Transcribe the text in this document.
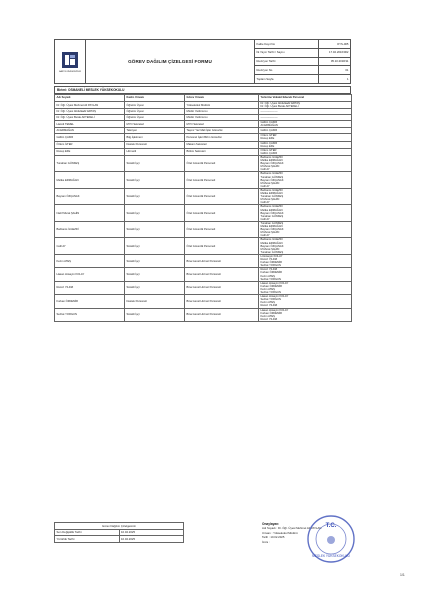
BARTIN ÜNİVERSİTESİ
GÖREV DAĞILIM ÇİZELGESİ FORMU
Kalite Kayıt No	OYS-005
İlk Yayın Tarihi / Sayısı	17.02.2016/002
Revizyon Tarihi	05.10.2018/11
Revizyon No	01
Toplam Sayfa	1
Birimi: OSMANELİ MESLEK YÜKSEKOKULU
Adı Soyadı	Kadro Unvanı	Görev Unvanı	Yerlerine Vekalet Edecek Personel
Dr. Öğr. Üyesi Mehmet Ali PAYLAN	Öğretim Üyesi	Yüksekokul Müdürü	Dr. Öğr. Üyesi Abdulkadir ERTAŞ
Dr. Öğr. Üyesi Burak AKTEKELİ

Dr. Öğr. Üyesi Abdulkadir ERTAŞ	Öğretim Üyesi	Müdür Yardımcısı	-------------------

Dr. Öğr. Üyesi Burak AKTEKELİ	Öğretim Üyesi	Müdür Yardımcısı	-------------------

Hamdi TEMEL	MYO Sekreteri	MYO Sekreteri	Gülbin ÇAKIR
Ali ERMAĞAN

Ali ERMAĞAN	Tekniyen	Taşınır Yaz Mali İşler Görevlisi	Gülbin ÇAKIR

Gülbin ÇAKIR	Bilg.İşletmeni	Personel İşleri Birim Görevlisi	Özlem İLTER
Recep EFE

Özlem İLTER	Destek Personeli	Makam Sekreteri	Gülbin ÇAKIR
Recep EFE

Recep EFE	Hizmetli	Bölüm Sekreteri	Özlem İLTER
Gülbin ÇAKIR

Tunahan GÜNKEŞ	Sürekli İşçi	Özel Güvenlik Personeli	Barbaros İLGEZDİ
Melike ERMAĞAN
Bayram ÖZÇANAK
M.Murat ŞAHİN
Celil AY

Melike ERMAĞAN	Sürekli İşçi	Özel Güvenlik Personeli	Barbaros İLGEZDİ
Tunahan GÜNKEŞ
Bayram ÖZÇANAK
M.Murat ŞAHİN
Celil AY

Bayram ÖZÇANAK	Sürekli İşçi	Özel Güvenlik Personeli	Barbaros İLGEZDİ
Melike ERMAĞAN
Tunahan GÜNKEŞ
M.Murat ŞAHİN
Celil AY

Nazif Murat ŞAHİN	Sürekli İşçi	Özel Güvenlik Personeli	Barbaros İLGEZDİ
Melike ERMAĞAN
Bayram ÖZÇANAK
Tunahan GÜNKEŞ
Celil AY

Barbaros İLGEZDİ	Sürekli İşçi	Özel Güvenlik Personeli	Tunahan GÜNKEŞ
Melike ERMAĞAN
Bayram ÖZÇANAK
M.Murat ŞAHİN
Celil AY

Celil AY	Sürekli İşçi	Özel Güvenlik Personeli	Barbaros İLGEZDİ
Melike ERMAĞAN
Bayram ÖZÇANAK
M.Murat ŞAHİN
Tunahan GÜNKEŞ

Kerim ATEŞ	Sürekli İşçi	Bina Genel Hizmet Personeli	H.Hüseyin KOLAY
Remzi YILDIZ
Furkan ÖZDEMİR
Serhat YORGUN

Hasan Hüseyin KOLAY	Sürekli İşçi	Bina Genel Hizmet Personeli	Remzi YILDIZ
Furkan ÖZDEMİR
Kerim ATEŞ
Serhat YORGUN

Remzi YILDIZ	Sürekli İşçi	Bina Genel Hizmet Personeli	Hasan Hüseyin KOLAY
Furkan ÖZDEMİR
Kerim ATEŞ
Serhat YORGUN

Furkan ÖZDEMİR	Destek Personeli	Bina Genel Hizmet Personeli	Hasan Hüseyin KOLAY
Serhat YORGUN
Kerim ATEŞ
Remzi YILDIZ

Serhat YORGUN	Sürekli İşçi	Bina Genel Hizmet Personeli	Hasan Hüseyin KOLAY
Furkan ÖZDEMİR
Kerim ATEŞ
Remzi YILDIZ
Görev Dağılım Çizelgesinin	
Son Değişiklik Tarihi	10.02.2025
Yürürlük Tarihi	10.02.2025
Onaylayan:
Adı Soyadı : Dr. Öğr. Üyesi Mehmet Ali PAYLAN
Unvanı : Yüksekokul Müdürü
Tarih : 10.02.2025
İmza :
T.C.
MESLEK YÜKSEKOKULU
1/1
